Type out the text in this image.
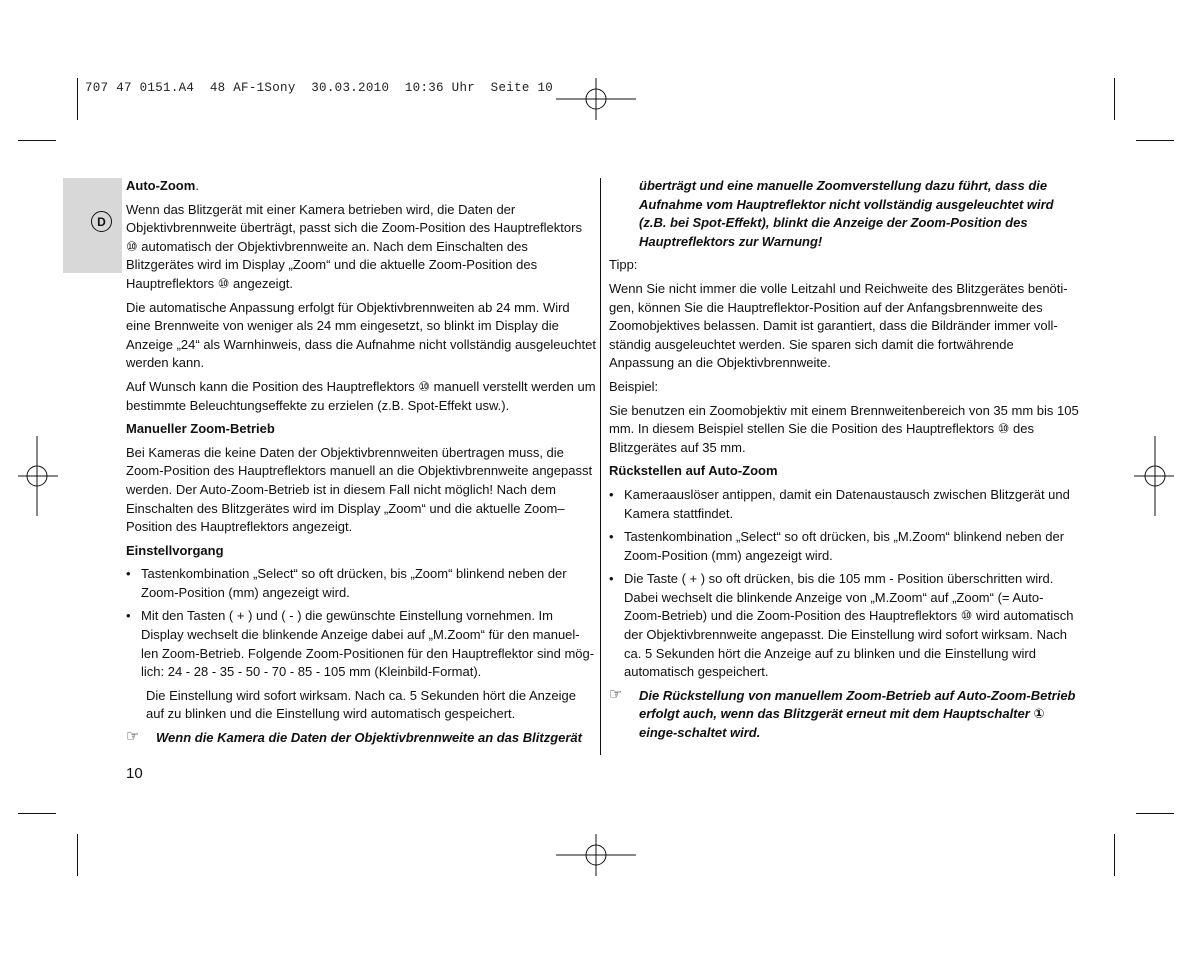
707 47 0151.A4  48 AF-1Sony  30.03.2010  10:36 Uhr  Seite 10
D

Auto-Zoom.

Wenn das Blitzgerät mit einer Kamera betrieben wird, die Daten der Objektivbrennweite überträgt, passt sich die Zoom-Position des Hauptreflektors ⑩ automatisch der Objektivbrennweite an. Nach dem Einschalten des Blitzgerätes wird im Display „Zoom“ und die aktuelle Zoom-Position des Hauptreflektors ⑩ angezeigt.

Die automatische Anpassung erfolgt für Objektivbrennweiten ab 24 mm. Wird eine Brennweite von weniger als 24 mm eingesetzt, so blinkt im Display die Anzeige „24“ als Warnhinweis, dass die Aufnahme nicht vollständig ausgeleuchtet werden kann.

Auf Wunsch kann die Position des Hauptreflektors ⑩ manuell verstellt werden um bestimmte Beleuchtungseffekte zu erzielen (z.B. Spot-Effekt usw.).

Manueller Zoom-Betrieb

Bei Kameras die keine Daten der Objektivbrennweiten übertragen muss, die Zoom-Position des Hauptreflektors manuell an die Objektivbrennweite angepasst werden. Der Auto-Zoom-Betrieb ist in diesem Fall nicht möglich! Nach dem Einschalten des Blitzgerätes wird im Display „Zoom“ und die aktuelle Zoom–Position des Hauptreflektors angezeigt.

Einstellvorgang

• Tastenkombination „Select“ so oft drücken, bis „Zoom“ blinkend neben der Zoom-Position (mm) angezeigt wird.
• Mit den Tasten ( + ) und ( - ) die gewünschte Einstellung vornehmen. Im Display wechselt die blinkende Anzeige dabei auf „M.Zoom“ für den manuel-len Zoom-Betrieb. Folgende Zoom-Positionen für den Hauptreflektor sind mög-lich: 24 - 28 - 35 - 50 - 70 - 85 - 105 mm (Kleinbild-Format).

Die Einstellung wird sofort wirksam. Nach ca. 5 Sekunden hört die Anzeige auf zu blinken und die Einstellung wird automatisch gespeichert.

☞ Wenn die Kamera die Daten der Objektivbrennweite an das Blitzgerät
überträgt und eine manuelle Zoomverstellung dazu führt, dass die Aufnahme vom Hauptreflektor nicht vollständig ausgeleuchtet wird (z.B. bei Spot-Effekt), blinkt die Anzeige der Zoom-Position des Hauptreflektors zur Warnung!

Tipp:

Wenn Sie nicht immer die volle Leitzahl und Reichweite des Blitzgerätes benöti-gen, können Sie die Hauptreflektor-Position auf der Anfangsbrennweite des Zoomobjektives belassen. Damit ist garantiert, dass die Bildränder immer voll-ständig ausgeleuchtet werden. Sie sparen sich damit die fortwährende Anpassung an die Objektivbrennweite.

Beispiel:

Sie benutzen ein Zoomobjektiv mit einem Brennweitenbereich von 35 mm bis 105 mm. In diesem Beispiel stellen Sie die Position des Hauptreflektors ⑩ des Blitzgerätes auf 35 mm.

Rückstellen auf Auto-Zoom

• Kameraauslöser antippen, damit ein Datenaustausch zwischen Blitzgerät und Kamera stattfindet.
• Tastenkombination „Select“ so oft drücken, bis „M.Zoom“ blinkend neben der Zoom-Position (mm) angezeigt wird.
• Die Taste ( + ) so oft drücken, bis die 105 mm - Position überschritten wird. Dabei wechselt die blinkende Anzeige von „M.Zoom“ auf „Zoom“ (= Auto-Zoom-Betrieb) und die Zoom-Position des Hauptreflektors ⑩ wird automatisch der Objektivbrennweite angepasst. Die Einstellung wird sofort wirksam. Nach ca. 5 Sekunden hört die Anzeige auf zu blinken und die Einstellung wird automatisch gespeichert.
☞ Die Rückstellung von manuellem Zoom-Betrieb auf Auto-Zoom-Betrieb erfolgt auch, wenn das Blitzgerät erneut mit dem Hauptschalter ① einge-schaltet wird.
10
